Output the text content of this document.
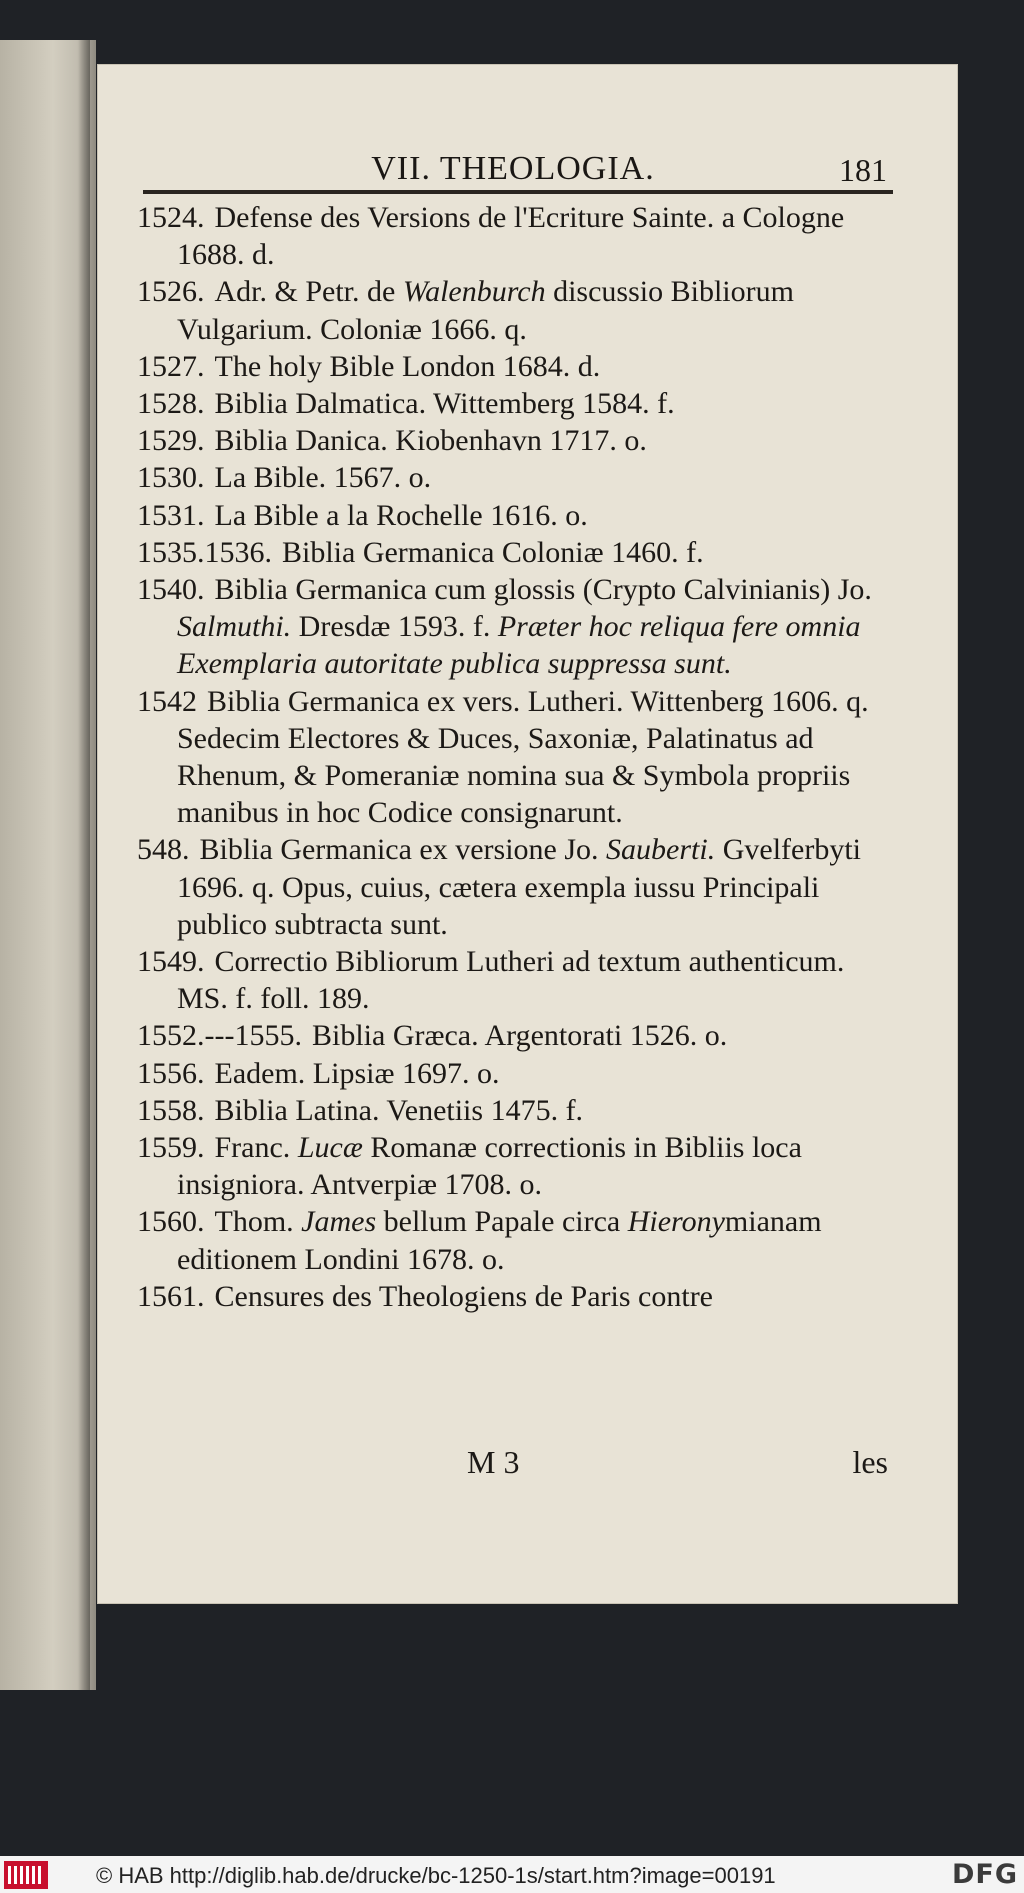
VII. THEOLOGIA.	181
1524. Defense des Versions de l'Ecriture Sainte. a Cologne 1688. d.
1526. Adr. & Petr. de Walenburch discussio Bibliorum Vulgarium. Coloniæ 1666. q.
1527. The holy Bible London 1684. d.
1528. Biblia Dalmatica. Wittemberg 1584. f.
1529. Biblia Danica. Kiobenhavn 1717. o.
1530. La Bible. 1567. o.
1531. La Bible a la Rochelle 1616. o.
1535.1536. Biblia Germanica Coloniæ 1460. f.
1540. Biblia Germanica cum glossis (Crypto Calvinianis) Jo. Salmuthi. Dresdæ 1593. f. Præter hoc reliqua fere omnia Exemplaria autoritate publica suppressa sunt.
1542 Biblia Germanica ex vers. Lutheri. Wittenberg 1606. q. Sedecim Electores & Duces, Saxoniæ, Palatinatus ad Rhenum, & Pomeraniæ nomina sua & Symbola propriis manibus in hoc Codice consignarunt.
548. Biblia Germanica ex versione Jo. Sauberti. Gvelferbyti 1696. q. Opus, cuius, cætera exempla iussu Principali publico subtracta sunt.
1549. Correctio Bibliorum Lutheri ad textum authenticum. MS. f. foll. 189.
1552.---1555. Biblia Græca. Argentorati 1526. o.
1556. Eadem. Lipsiæ 1697. o.
1558. Biblia Latina. Venetiis 1475. f.
1559. Franc. Lucæ Romanæ correctionis in Bibliis loca insigniora. Antverpiæ 1708. o.
1560. Thom. James bellum Papale circa Hieronymianam editionem Londini 1678. o.
1561. Censures des Theologiens de Paris contre
M 3	les
© HAB http://diglib.hab.de/drucke/bc-1250-1s/start.htm?image=00191	DFG
